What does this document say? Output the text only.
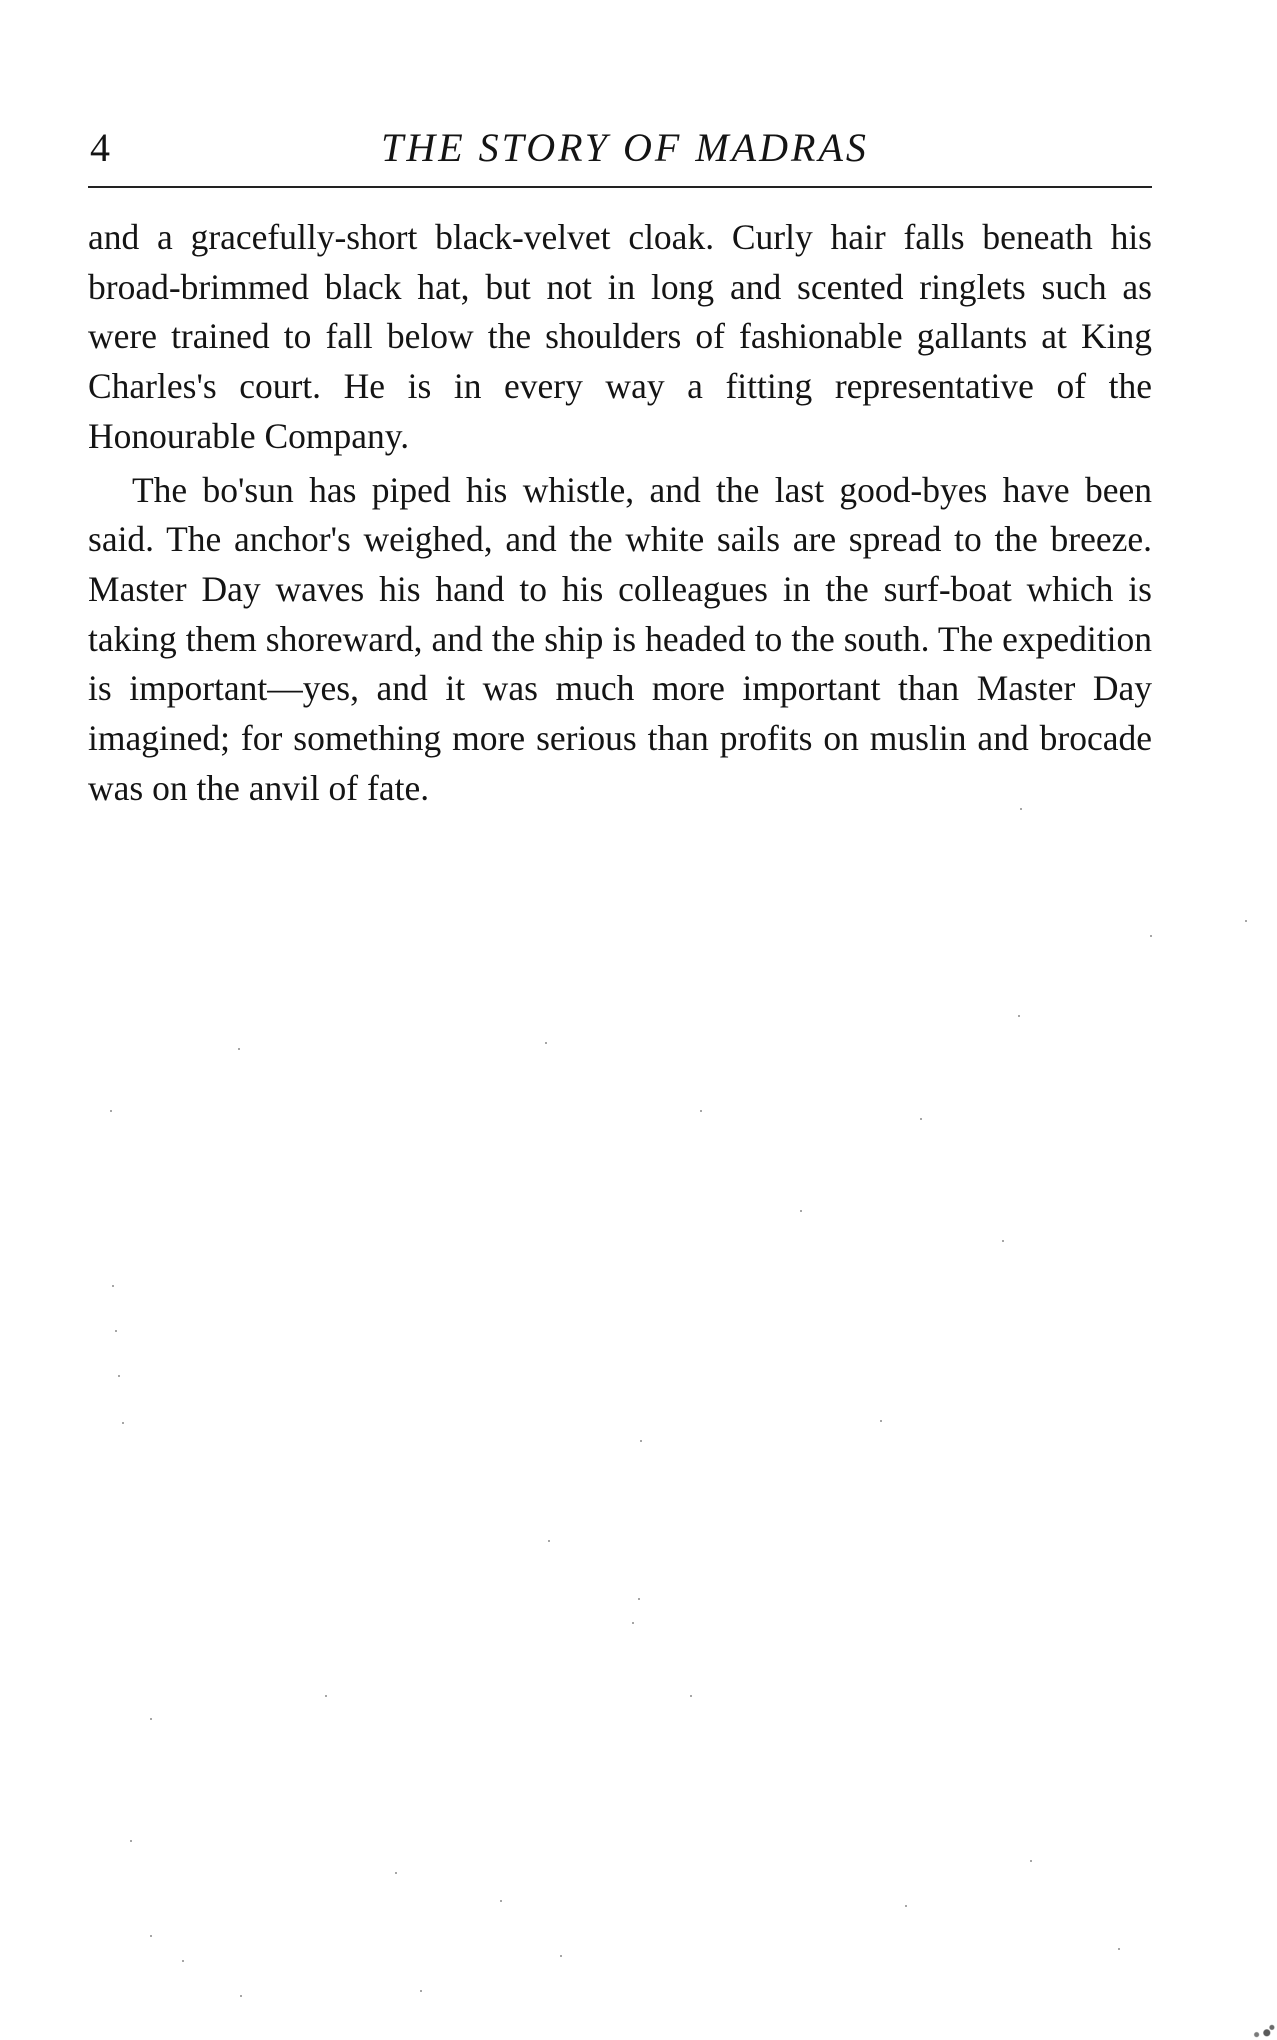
4	THE STORY OF MADRAS

and a gracefully-short black-velvet cloak. Curly hair falls beneath his broad-brimmed black hat, but not in long and scented ringlets such as were trained to fall below the shoulders of fashionable gallants at King Charles's court. He is in every way a fitting representative of the Honourable Company.

The bo'sun has piped his whistle, and the last good-byes have been said. The anchor's weighed, and the white sails are spread to the breeze. Master Day waves his hand to his colleagues in the surf-boat which is taking them shoreward, and the ship is headed to the south. The expedition is important—yes, and it was much more important than Master Day imagined; for something more serious than profits on muslin and brocade was on the anvil of fate.
